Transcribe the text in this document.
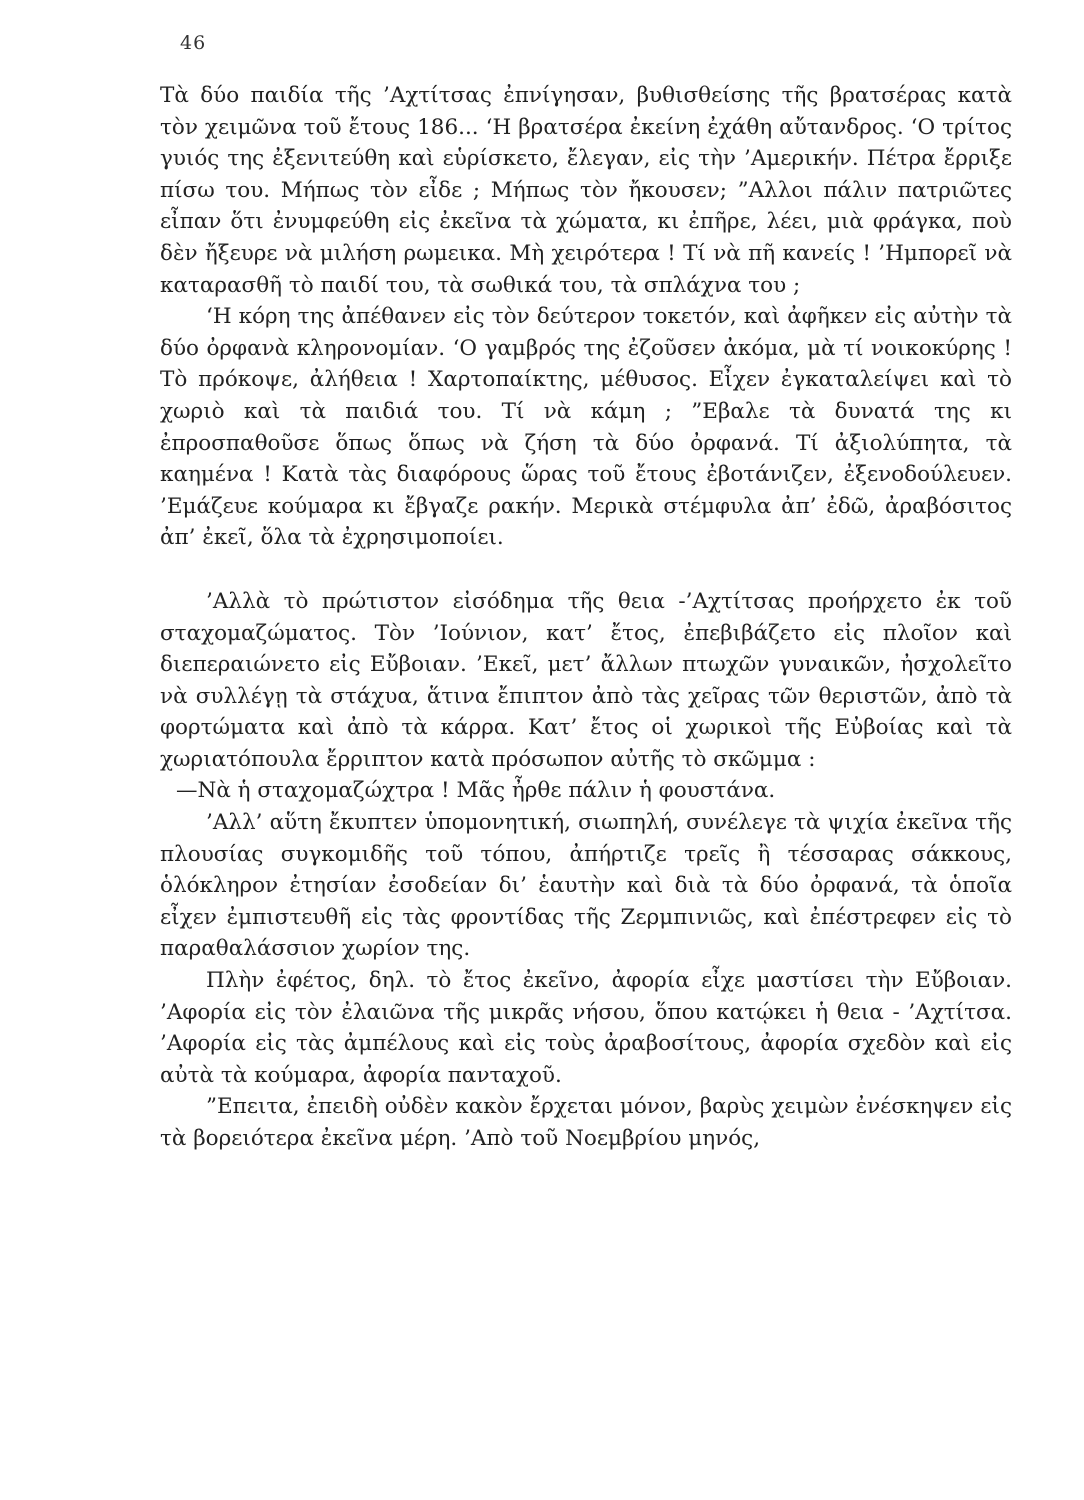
46

Τὰ δύο παιδία τῆς ’Αχτίτσας ἐπνίγησαν, βυθισθείσης τῆς βρατσέρας κατὰ τὸν χειμῶνα τοῦ ἔτους 186... ‘Η βρατσέρα ἐκείνη ἐχάθη αὔτανδρος. ‘Ο τρίτος γυιός της ἐξενιτεύθη καὶ εὑρίσκετο, ἔλεγαν, εἰς τὴν ’Αμερικήν. Πέτρα ἔρριξε πίσω του. Μήπως τὸν εἶδε ; Μήπως τὸν ἤκουσεν; ”Αλλοι πάλιν πατριῶτες εἶπαν ὅτι ἐνυμφεύθη εἰς ἐκεῖνα τὰ χώματα, κι ἐπῆρε, λέει, μιὰ φράγκα, ποὺ δὲν ἤξευρε νὰ μιλήση ρωμεικα. Μὴ χειρότερα ! Τί νὰ πῆ κανείς ! ’Ημπορεῖ νὰ καταρασθῆ τὸ παιδί του, τὰ σωθικά του, τὰ σπλάχνα του ;

‘Η κόρη της ἀπέθανεν εἰς τὸν δεύτερον τοκετόν, καὶ ἀφῆκεν εἰς αὐτὴν τὰ δύο ὀρφανὰ κληρονομίαν. ‘Ο γαμβρός της ἐζοῦσεν ἀκόμα, μὰ τί νοικοκύρης ! Τὸ πρόκοψε, ἀλήθεια ! Χαρτοπαίκτης, μέθυσος. Εἶχεν ἐγκαταλείψει καὶ τὸ χωριὸ καὶ τὰ παιδιά του. Τί νὰ κάμη ; ”Εβαλε τὰ δυνατά της κι ἐπροσπαθοῦσε ὅπως ὅπως νὰ ζήση τὰ δύο ὀρφανά. Τί ἀξιολύπητα, τὰ καημένα ! Κατὰ τὰς διαφόρους ὥρας τοῦ ἔτους ἐβοτάνιζεν, ἐξενοδούλευεν. ’Εμάζευε κούμαρα κι ἔβγαζε ρακήν. Μερικὰ στέμφυλα ἀπ’ ἐδῶ, ἀραβόσιτος ἀπ’ ἐκεῖ, ὅλα τὰ ἐχρησιμοποίει.

’Αλλὰ τὸ πρώτιστον εἰσόδημα τῆς θεια -’Αχτίτσας προήρχετο ἐκ τοῦ σταχομαζώματος. Τὸν ’Ιούνιον, κατ’ ἔτος, ἐπεβιβάζετο εἰς πλοῖον καὶ διεπεραιώνετο εἰς Εὔβοιαν. ’Εκεῖ, μετ’ ἄλλων πτωχῶν γυναικῶν, ἠσχολεῖτο νὰ συλλέγῃ τὰ στάχυα, ἅτινα ἔπιπτον ἀπὸ τὰς χεῖρας τῶν θεριστῶν, ἀπὸ τὰ φορτώματα καὶ ἀπὸ τὰ κάρρα. Κατ’ ἔτος οἱ χωρικοὶ τῆς Εὐβοίας καὶ τὰ χωριατόπουλα ἔρριπτον κατὰ πρόσωπον αὐτῆς τὸ σκῶμμα :

—Νὰ ἡ σταχομαζώχτρα ! Μᾶς ἦρθε πάλιν ἡ φουστάνα.

’Αλλ’ αὕτη ἔκυπτεν ὑπομονητική, σιωπηλή, συνέλεγε τὰ ψιχία ἐκεῖνα τῆς πλουσίας συγκομιδῆς τοῦ τόπου, ἀπήρτιζε τρεῖς ἢ τέσσαρας σάκκους, ὁλόκληρον ἐτησίαν ἐσοδείαν δι’ ἑαυτὴν καὶ διὰ τὰ δύο ὀρφανά, τὰ ὁποῖα εἶχεν ἐμπιστευθῆ εἰς τὰς φροντίδας τῆς Ζερμπινιῶς, καὶ ἐπέστρεφεν εἰς τὸ παραθαλάσσιον χωρίον της.

Πλὴν ἐφέτος, δηλ. τὸ ἔτος ἐκεῖνο, ἀφορία εἶχε μαστίσει τὴν Εὔβοιαν. ’Αφορία εἰς τὸν ἐλαιῶνα τῆς μικρᾶς νήσου, ὅπου κατῴκει ἡ θεια - ’Αχτίτσα. ’Αφορία εἰς τὰς ἀμπέλους καὶ εἰς τοὺς ἀραβοσίτους, ἀφορία σχεδὸν καὶ εἰς αὐτὰ τὰ κούμαρα, ἀφορία πανταχοῦ.

”Επειτα, ἐπειδὴ οὐδὲν κακὸν ἔρχεται μόνον, βαρὺς χειμὼν ἐνέσκηψεν εἰς τὰ βορειότερα ἐκεῖνα μέρη. ’Απὸ τοῦ Νοεμβρίου μηνός,
